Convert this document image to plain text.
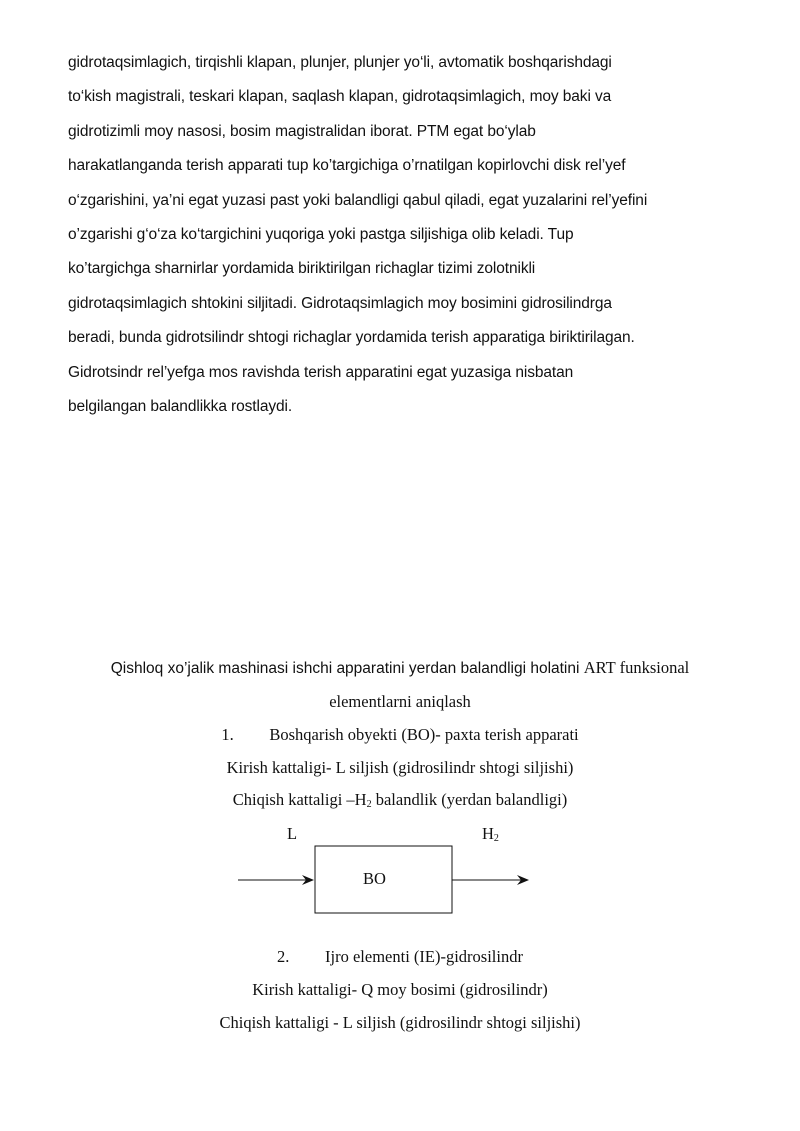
gidrotaqsimlagich, tirqishli klapan, plunjer, plunjer yo‘li, avtomatik boshqarishdagi
to‘kish magistrali, teskari klapan, saqlash klapan, gidrotaqsimlagich, moy baki va
gidrotizimli moy nasosi, bosim magistralidan iborat. PTM egat bo‘ylab
harakatlanganda terish apparati tup ko’targichiga o’rnatilgan kopirlovchi disk rel’yef
o‘zgarishini, ya’ni egat yuzasi past yoki balandligi qabul qiladi, egat yuzalarini rel’yefini
o’zgarishi g‘o‘za ko‘targichini yuqoriga yoki pastga siljishiga olib keladi. Tup
ko’targichga sharnirlar yordamida biriktirilgan richaglar tizimi zolotnikli
gidrotaqsimlagich shtokini siljitadi. Gidrotaqsimlagich moy bosimini gidrosilindrga
beradi, bunda gidrotsilindr shtogi richaglar yordamida terish apparatiga biriktirilagan.
Gidrotsindr rel’yefga mos ravishda terish apparatini egat yuzasiga nisbatan
belgilangan balandlikka rostlaydi.
Qishloq xo’jalik mashinasi ishchi apparatini yerdan balandligi holatini ART funksional
elementlarni aniqlash
1. Boshqarish obyekti (BO)- paxta terish apparati
Kirish kattaligi- L siljish (gidrosilindr shtogi siljishi)
Chiqish kattaligi $-H_2$ balandlik (yerdan balandligi)
L	$H_2$
BO
2. Ijro elementi (IE)-gidrosilindr
Kirish kattaligi- Q moy bosimi (gidrosilindr)
Chiqish kattaligi - L siljish (gidrosilindr shtogi siljishi)
